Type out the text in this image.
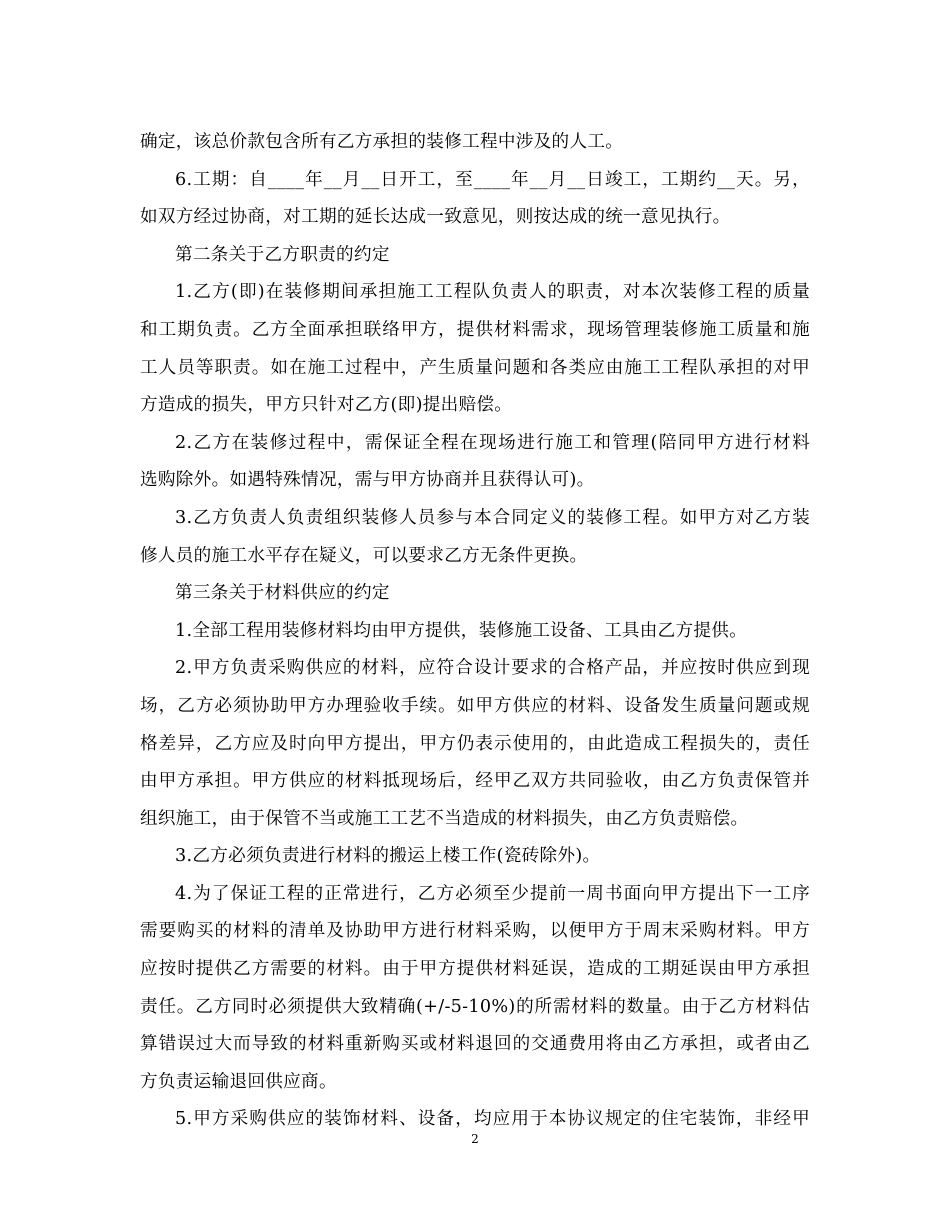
确定，该总价款包含所有乙方承担的装修工程中涉及的人工。
6.工期：自____年__月__日开工，至____年__月__日竣工，工期约__天。另，
如双方经过协商，对工期的延长达成一致意见，则按达成的统一意见执行。
第二条关于乙方职责的约定
1.乙方(即)在装修期间承担施工工程队负责人的职责，对本次装修工程的质量
和工期负责。乙方全面承担联络甲方，提供材料需求，现场管理装修施工质量和施
工人员等职责。如在施工过程中，产生质量问题和各类应由施工工程队承担的对甲
方造成的损失，甲方只针对乙方(即)提出赔偿。
2.乙方在装修过程中，需保证全程在现场进行施工和管理(陪同甲方进行材料
选购除外。如遇特殊情况，需与甲方协商并且获得认可)。
3.乙方负责人负责组织装修人员参与本合同定义的装修工程。如甲方对乙方装
修人员的施工水平存在疑义，可以要求乙方无条件更换。
第三条关于材料供应的约定
1.全部工程用装修材料均由甲方提供，装修施工设备、工具由乙方提供。
2.甲方负责采购供应的材料，应符合设计要求的合格产品，并应按时供应到现
场，乙方必须协助甲方办理验收手续。如甲方供应的材料、设备发生质量问题或规
格差异，乙方应及时向甲方提出，甲方仍表示使用的，由此造成工程损失的，责任
由甲方承担。甲方供应的材料抵现场后，经甲乙双方共同验收，由乙方负责保管并
组织施工，由于保管不当或施工工艺不当造成的材料损失，由乙方负责赔偿。
3.乙方必须负责进行材料的搬运上楼工作(瓷砖除外)。
4.为了保证工程的正常进行，乙方必须至少提前一周书面向甲方提出下一工序
需要购买的材料的清单及协助甲方进行材料采购，以便甲方于周末采购材料。甲方
应按时提供乙方需要的材料。由于甲方提供材料延误，造成的工期延误由甲方承担
责任。乙方同时必须提供大致精确(+/-5-10%)的所需材料的数量。由于乙方材料估
算错误过大而导致的材料重新购买或材料退回的交通费用将由乙方承担，或者由乙
方负责运输退回供应商。
5.甲方采购供应的装饰材料、设备，均应用于本协议规定的住宅装饰，非经甲
2
